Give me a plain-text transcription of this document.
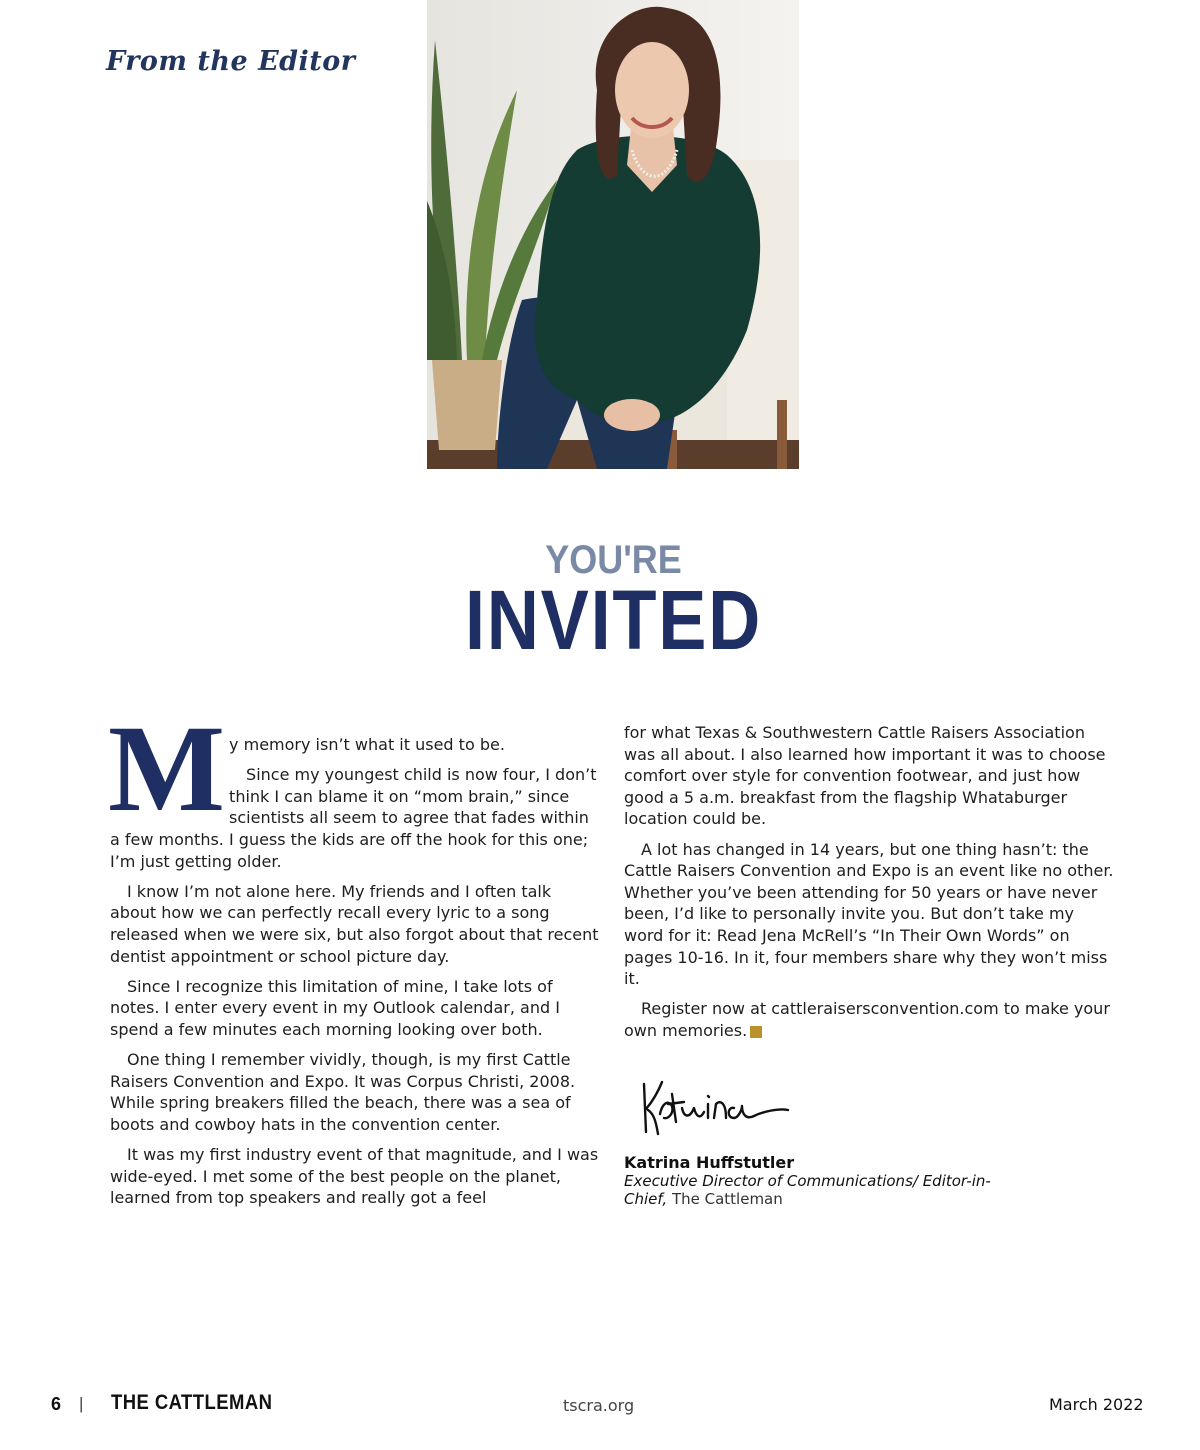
From the Editor
YOU'RE
INVITED
M y memory isn’t what it used to be.

Since my youngest child is now four, I don’t think I can blame it on “mom brain,” since scientists all seem to agree that fades within a few months. I guess the kids are off the hook for this one; I’m just getting older.

I know I’m not alone here. My friends and I often talk about how we can perfectly recall every lyric to a song released when we were six, but also forgot about that recent dentist appointment or school picture day.

Since I recognize this limitation of mine, I take lots of notes. I enter every event in my Outlook calendar, and I spend a few minutes each morning looking over both.

One thing I remember vividly, though, is my first Cattle Raisers Convention and Expo. It was Corpus Christi, 2008. While spring breakers filled the beach, there was a sea of boots and cowboy hats in the convention center.

It was my first industry event of that magnitude, and I was wide-eyed. I met some of the best people on the planet, learned from top speakers and really got a feel

for what Texas & Southwestern Cattle Raisers Association was all about. I also learned how important it was to choose comfort over style for convention footwear, and just how good a 5 a.m. breakfast from the flagship Whataburger location could be.

A lot has changed in 14 years, but one thing hasn’t: the Cattle Raisers Convention and Expo is an event like no other. Whether you’ve been attending for 50 years or have never been, I’d like to personally invite you. But don’t take my word for it: Read Jena McRell’s “In Their Own Words” on pages 10-16. In it, four members share why they won’t miss it.

Register now at cattleraisersconvention.com to make your own memories. ¢

Katrina Huffstutler
Executive Director of Communications/ Editor-in-Chief, The Cattleman
6 | THE CATTLEMAN	tscra.org	March 2022
